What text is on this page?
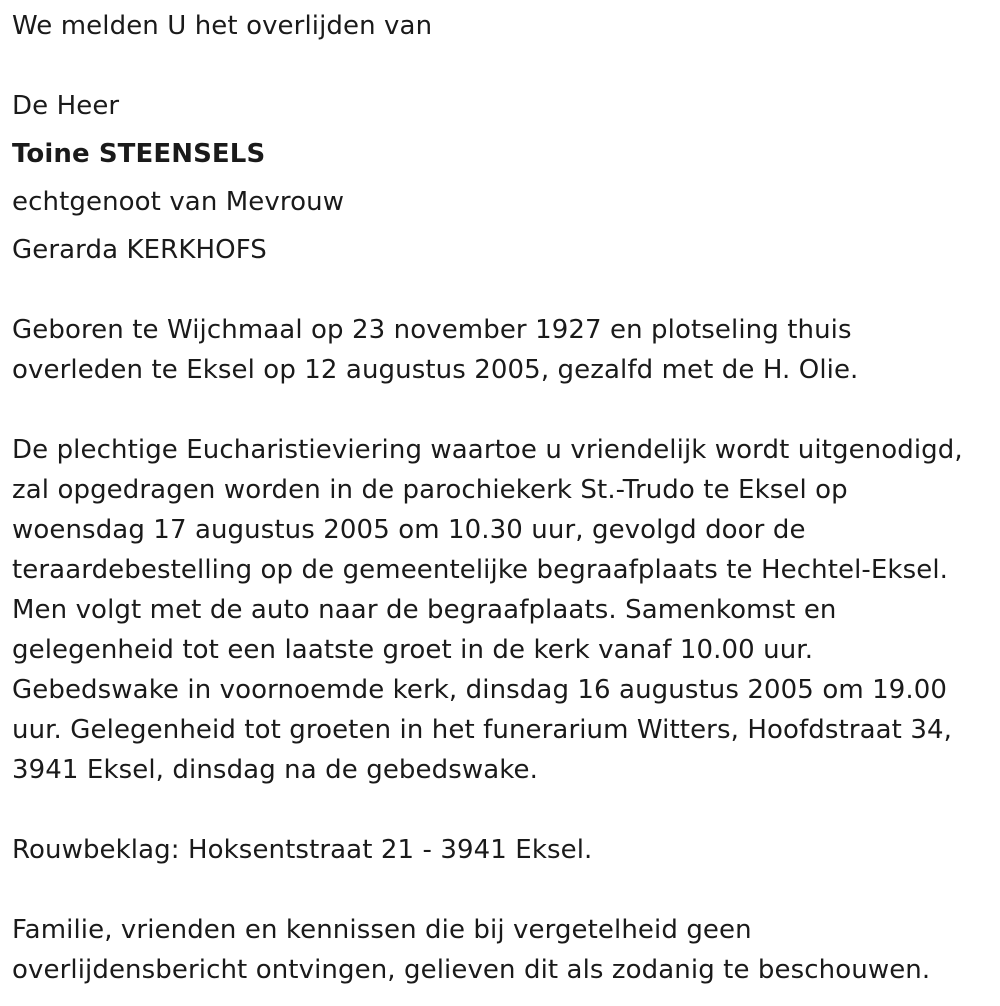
We melden U het overlijden van
De Heer
Toine STEENSELS
echtgenoot van Mevrouw
Gerarda KERKHOFS
Geboren te Wijchmaal op 23 november 1927 en plotseling thuis
overleden te Eksel op 12 augustus 2005, gezalfd met de H. Olie.
De plechtige Eucharistieviering waartoe u vriendelijk wordt uitgenodigd,
zal opgedragen worden in de parochiekerk St.-Trudo te Eksel op
woensdag 17 augustus 2005 om 10.30 uur, gevolgd door de
teraardebestelling op de gemeentelijke begraafplaats te Hechtel-Eksel.
Men volgt met de auto naar de begraafplaats. Samenkomst en
gelegenheid tot een laatste groet in de kerk vanaf 10.00 uur.
Gebedswake in voornoemde kerk, dinsdag 16 augustus 2005 om 19.00
uur. Gelegenheid tot groeten in het funerarium Witters, Hoofdstraat 34,
3941 Eksel, dinsdag na de gebedswake.
Rouwbeklag: Hoksentstraat 21 - 3941 Eksel.
Familie, vrienden en kennissen die bij vergetelheid geen
overlijdensbericht ontvingen, gelieven dit als zodanig te beschouwen.
